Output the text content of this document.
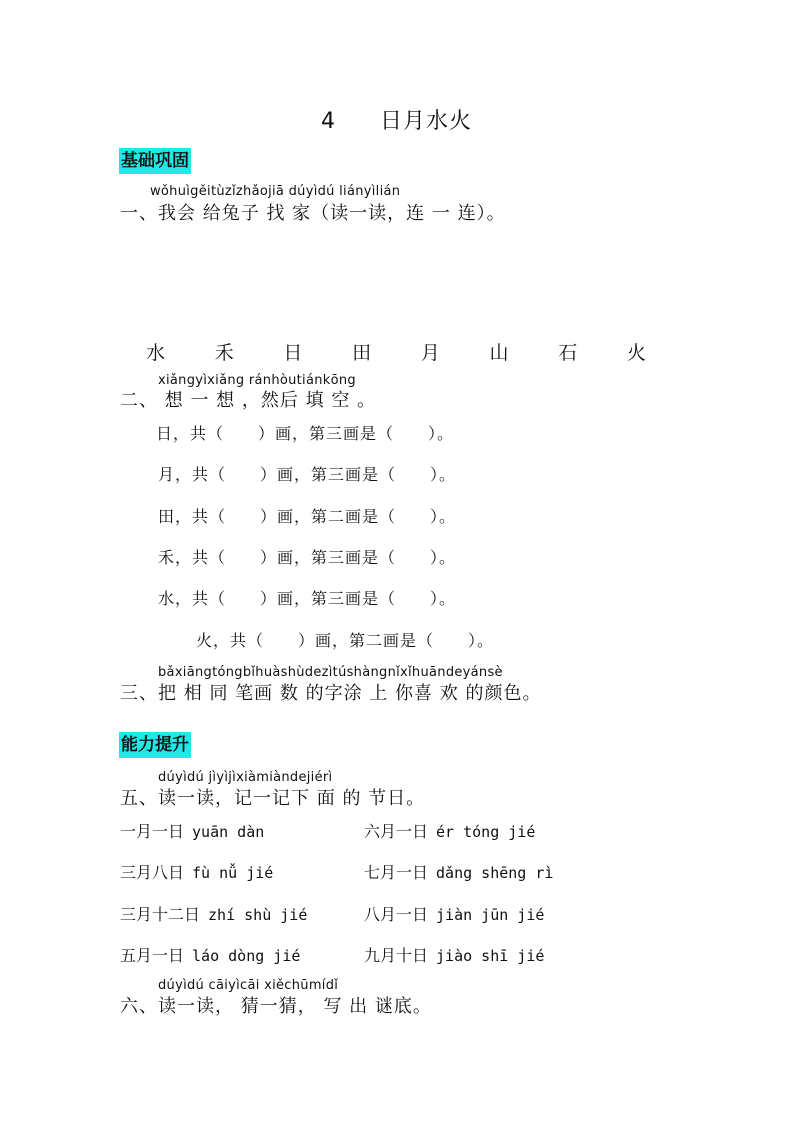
4 日月水火
基础巩固
wǒhuìgěitùzǐzhǎojiā dúyìdú liányìlián
一、我会 给兔子 找 家（读一读，连 一 连）。
水	禾	日	田	月	山	石	火
xiǎngyìxiǎng ránhòutiánkōng
二、 想 一 想 ，然后 填 空 。
日，共（　　）画，第三画是（　　）。
月，共（　　）画，第三画是（　　）。
田，共（　　）画，第二画是（　　）。
禾，共（　　）画，第三画是（　　）。
水，共（　　）画，第三画是（　　）。
火，共（　　）画，第二画是（　　）。
bǎxiāngtóngbǐhuàshùdezìtúshàngnǐxǐhuāndeyánsè
三、把 相 同 笔画 数 的字涂 上 你喜 欢 的颜色。
能力提升
dúyìdú jìyìjìxiàmiàndejiérì
五、读一读，记一记下 面 的 节日。
一月一日 yuān dàn	六月一日 ér tóng jié
三月八日 fù nǚ jié	七月一日 dǎng shēng rì
三月十二日 zhí shù jié	八月一日 jiàn jūn jié
五月一日 láo dòng jié	九月十日 jiào shī jié
dúyìdú cāiyìcāi xiěchūmídǐ
六、读一读， 猜一猜， 写 出 谜底。
